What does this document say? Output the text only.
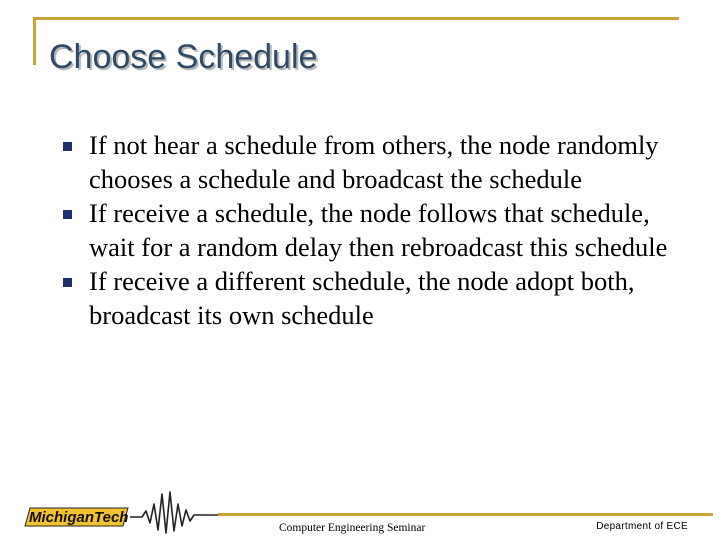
Choose Schedule
If not hear a schedule from others, the node randomly chooses a schedule and broadcast the schedule
If receive a schedule, the node follows that schedule, wait for a random delay then rebroadcast this schedule
If receive a different schedule, the node adopt both, broadcast its own schedule
MichiganTech
Computer Engineering Seminar	Department of ECE
